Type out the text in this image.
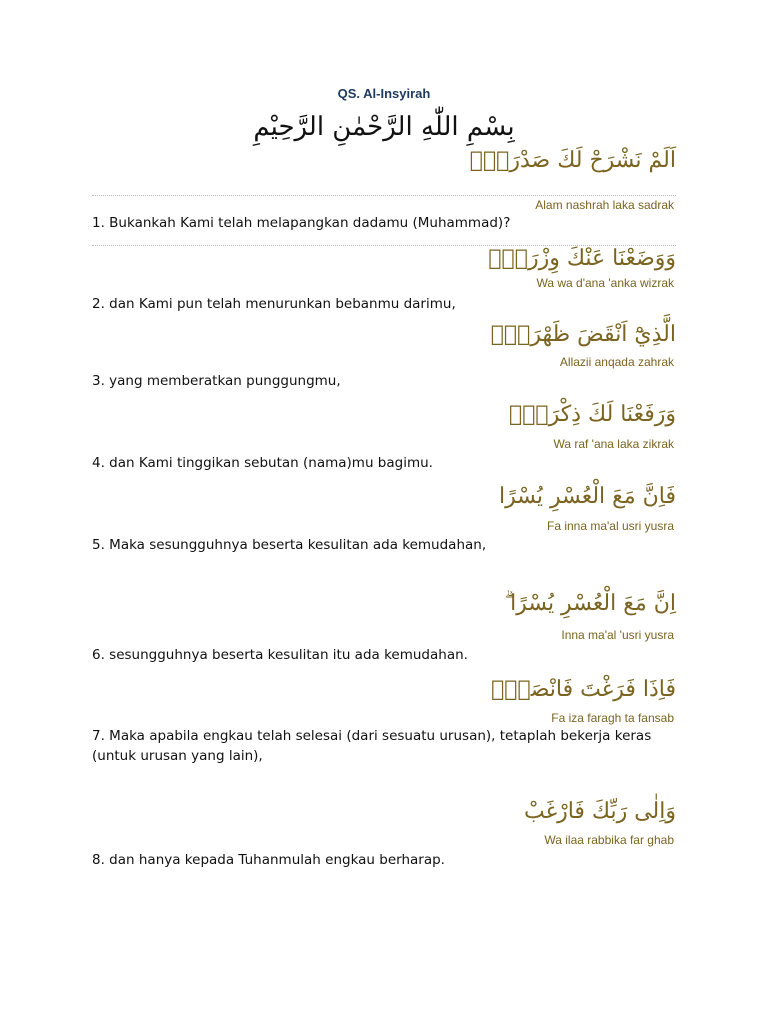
QS. Al-Insyirah
بِسْمِ اللّٰهِ الرَّحْمٰنِ الرَّحِيْمِ
اَلَمْ نَشْرَحْ لَكَ صَدْرَكَۙ
Alam nashrah laka sadrak
1. Bukankah Kami telah melapangkan dadamu (Muhammad)?
وَوَضَعْنَا عَنْكَ وِزْرَكَۙ
Wa wa d'ana 'anka wizrak
2. dan Kami pun telah menurunkan bebanmu darimu,
الَّذِيْٓ اَنْقَضَ ظَهْرَكَۙ
Allazii anqada zahrak
3. yang memberatkan punggungmu,
وَرَفَعْنَا لَكَ ذِكْرَكَۗ
Wa raf 'ana laka zikrak
4. dan Kami tinggikan sebutan (nama)mu bagimu.
فَاِنَّ مَعَ الْعُسْرِ يُسْرًا
Fa inna ma'al usri yusra
5. Maka sesungguhnya beserta kesulitan ada kemudahan,
اِنَّ مَعَ الْعُسْرِ يُسْرًا ۗ
Inna ma'al 'usri yusra
6. sesungguhnya beserta kesulitan itu ada kemudahan.
فَاِذَا فَرَغْتَ فَانْصَبْۙ
Fa iza faragh ta fansab
7. Maka apabila engkau telah selesai (dari sesuatu urusan), tetaplah bekerja keras (untuk urusan yang lain),
وَاِلٰى رَبِّكَ فَارْغَبْ
Wa ilaa rabbika far ghab
8. dan hanya kepada Tuhanmulah engkau berharap.
